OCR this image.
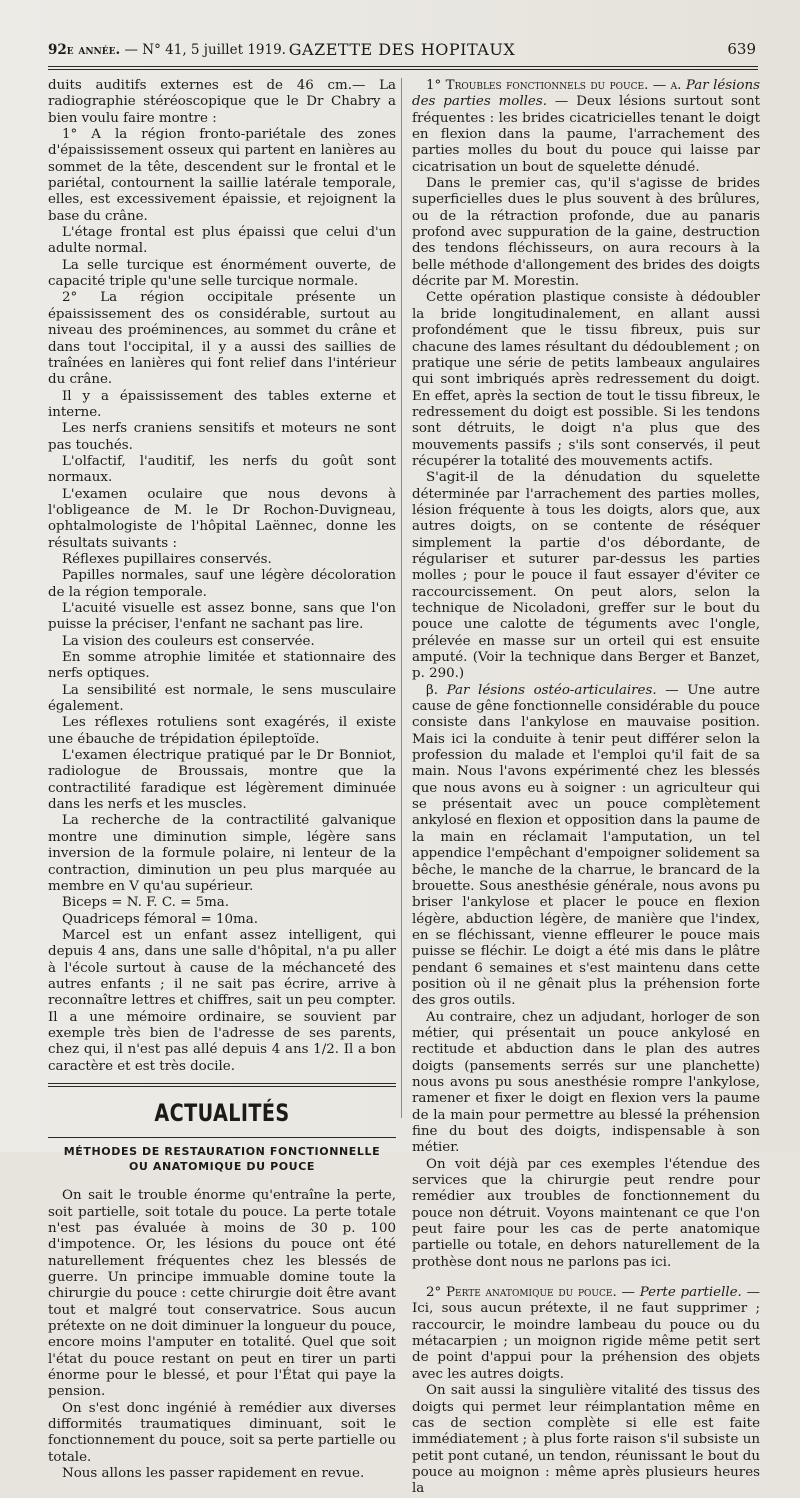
92e année. — N° 41, 5 juillet 1919. GAZETTE DES HOPITAUX	639

duits auditifs externes est de 46 cm.— La radiographie stéréoscopique que le Dr Chabry a bien voulu faire montre :

1° A la région fronto-pariétale des zones d'épaississement osseux qui partent en lanières au sommet de la tête, descendent sur le frontal et le pariétal, contournent la saillie latérale temporale, elles, est excessivement épaissie, et rejoignent la base du crâne.

L'étage frontal est plus épaissi que celui d'un adulte normal.

La selle turcique est énormément ouverte, de capacité triple qu'une selle turcique normale.

2° La région occipitale présente un épaississement des os considérable, surtout au niveau des proéminences, au sommet du crâne et dans tout l'occipital, il y a aussi des saillies de traînées en lanières qui font relief dans l'intérieur du crâne.

Il y a épaississement des tables externe et interne.

Les nerfs craniens sensitifs et moteurs ne sont pas touchés.

L'olfactif, l'auditif, les nerfs du goût sont normaux.

L'examen oculaire que nous devons à l'obligeance de M. le Dr Rochon-Duvigneau, ophtalmologiste de l'hôpital Laënnec, donne les résultats suivants :

Réflexes pupillaires conservés.

Papilles normales, sauf une légère décoloration de la région temporale.

L'acuité visuelle est assez bonne, sans que l'on puisse la préciser, l'enfant ne sachant pas lire.

La vision des couleurs est conservée.

En somme atrophie limitée et stationnaire des nerfs optiques.

La sensibilité est normale, le sens musculaire également.

Les réflexes rotuliens sont exagérés, il existe une ébauche de trépidation épileptoïde.

L'examen électrique pratiqué par le Dr Bonniot, radiologue de Broussais, montre que la contractilité faradique est légèrement diminuée dans les nerfs et les muscles.

La recherche de la contractilité galvanique montre une diminution simple, légère sans inversion de la formule polaire, ni lenteur de la contraction, diminution un peu plus marquée au membre en V qu'au supérieur.

Biceps = N. F. C. = 5ma.

Quadriceps fémoral = 10ma.

Marcel est un enfant assez intelligent, qui depuis 4 ans, dans une salle d'hôpital, n'a pu aller à l'école surtout à cause de la méchanceté des autres enfants ; il ne sait pas écrire, arrive à reconnaître lettres et chiffres, sait un peu compter. Il a une mémoire ordinaire, se souvient par exemple très bien de l'adresse de ses parents, chez qui, il n'est pas allé depuis 4 ans 1/2. Il a bon caractère et est très docile.

ACTUALITÉS
MÉTHODES DE RESTAURATION FONCTIONNELLE
OU ANATOMIQUE DU POUCE

On sait le trouble énorme qu'entraîne la perte, soit partielle, soit totale du pouce. La perte totale n'est pas évaluée à moins de 30 p. 100 d'impotence. Or, les lésions du pouce ont été naturellement fréquentes chez les blessés de guerre. Un principe immuable domine toute la chirurgie du pouce : cette chirurgie doit être avant tout et malgré tout conservatrice. Sous aucun prétexte on ne doit diminuer la longueur du pouce, encore moins l'amputer en totalité. Quel que soit l'état du pouce restant on peut en tirer un parti énorme pour le blessé, et pour l'État qui paye la pension.

On s'est donc ingénié à remédier aux diverses difformités traumatiques diminuant, soit le fonctionnement du pouce, soit sa perte partielle ou totale.

Nous allons les passer rapidement en revue.

1° Troubles fonctionnels du pouce. — α. Par lésions des parties molles. — Deux lésions surtout sont fréquentes : les brides cicatricielles tenant le doigt en flexion dans la paume, l'arrachement des parties molles du bout du pouce qui laisse par cicatrisation un bout de squelette dénudé.

Dans le premier cas, qu'il s'agisse de brides superficielles dues le plus souvent à des brûlures, ou de la rétraction profonde, due au panaris profond avec suppuration de la gaine, destruction des tendons fléchisseurs, on aura recours à la belle méthode d'allongement des brides des doigts décrite par M. Morestin.

Cette opération plastique consiste à dédoubler la bride longitudinalement, en allant aussi profondément que le tissu fibreux, puis sur chacune des lames résultant du dédoublement ; on pratique une série de petits lambeaux angulaires qui sont imbriqués après redressement du doigt. En effet, après la section de tout le tissu fibreux, le redressement du doigt est possible. Si les tendons sont détruits, le doigt n'a plus que des mouvements passifs ; s'ils sont conservés, il peut récupérer la totalité des mouvements actifs.

S'agit-il de la dénudation du squelette déterminée par l'arrachement des parties molles, lésion fréquente à tous les doigts, alors que, aux autres doigts, on se contente de réséquer simplement la partie d'os débordante, de régulariser et suturer par-dessus les parties molles ; pour le pouce il faut essayer d'éviter ce raccourcissement. On peut alors, selon la technique de Nicoladoni, greffer sur le bout du pouce une calotte de téguments avec l'ongle, prélevée en masse sur un orteil qui est ensuite amputé. (Voir la technique dans Berger et Banzet, p. 290.)

β. Par lésions ostéo-articulaires. — Une autre cause de gêne fonctionnelle considérable du pouce consiste dans l'ankylose en mauvaise position. Mais ici la conduite à tenir peut différer selon la profession du malade et l'emploi qu'il fait de sa main. Nous l'avons expérimenté chez les blessés que nous avons eu à soigner : un agriculteur qui se présentait avec un pouce complètement ankylosé en flexion et opposition dans la paume de la main en réclamait l'amputation, un tel appendice l'empêchant d'empoigner solidement sa bêche, le manche de la charrue, le brancard de la brouette. Sous anesthésie générale, nous avons pu briser l'ankylose et placer le pouce en flexion légère, abduction légère, de manière que l'index, en se fléchissant, vienne effleurer le pouce mais puisse se fléchir. Le doigt a été mis dans le plâtre pendant 6 semaines et s'est maintenu dans cette position où il ne gênait plus la préhension forte des gros outils.

Au contraire, chez un adjudant, horloger de son métier, qui présentait un pouce ankylosé en rectitude et abduction dans le plan des autres doigts (pansements serrés sur une planchette) nous avons pu sous anesthésie rompre l'ankylose, ramener et fixer le doigt en flexion vers la paume de la main pour permettre au blessé la préhension fine du bout des doigts, indispensable à son métier.

On voit déjà par ces exemples l'étendue des services que la chirurgie peut rendre pour remédier aux troubles de fonctionnement du pouce non détruit. Voyons maintenant ce que l'on peut faire pour les cas de perte anatomique partielle ou totale, en dehors naturellement de la prothèse dont nous ne parlons pas ici.

2° Perte anatomique du pouce. — Perte partielle. — Ici, sous aucun prétexte, il ne faut supprimer ; raccourcir, le moindre lambeau du pouce ou du métacarpien ; un moignon rigide même petit sert de point d'appui pour la préhension des objets avec les autres doigts.

On sait aussi la singulière vitalité des tissus des doigts qui permet leur réimplantation même en cas de section complète si elle est faite immédiatement ; à plus forte raison s'il subsiste un petit pont cutané, un tendon, réunissant le bout du pouce au moignon : même après plusieurs heures la
